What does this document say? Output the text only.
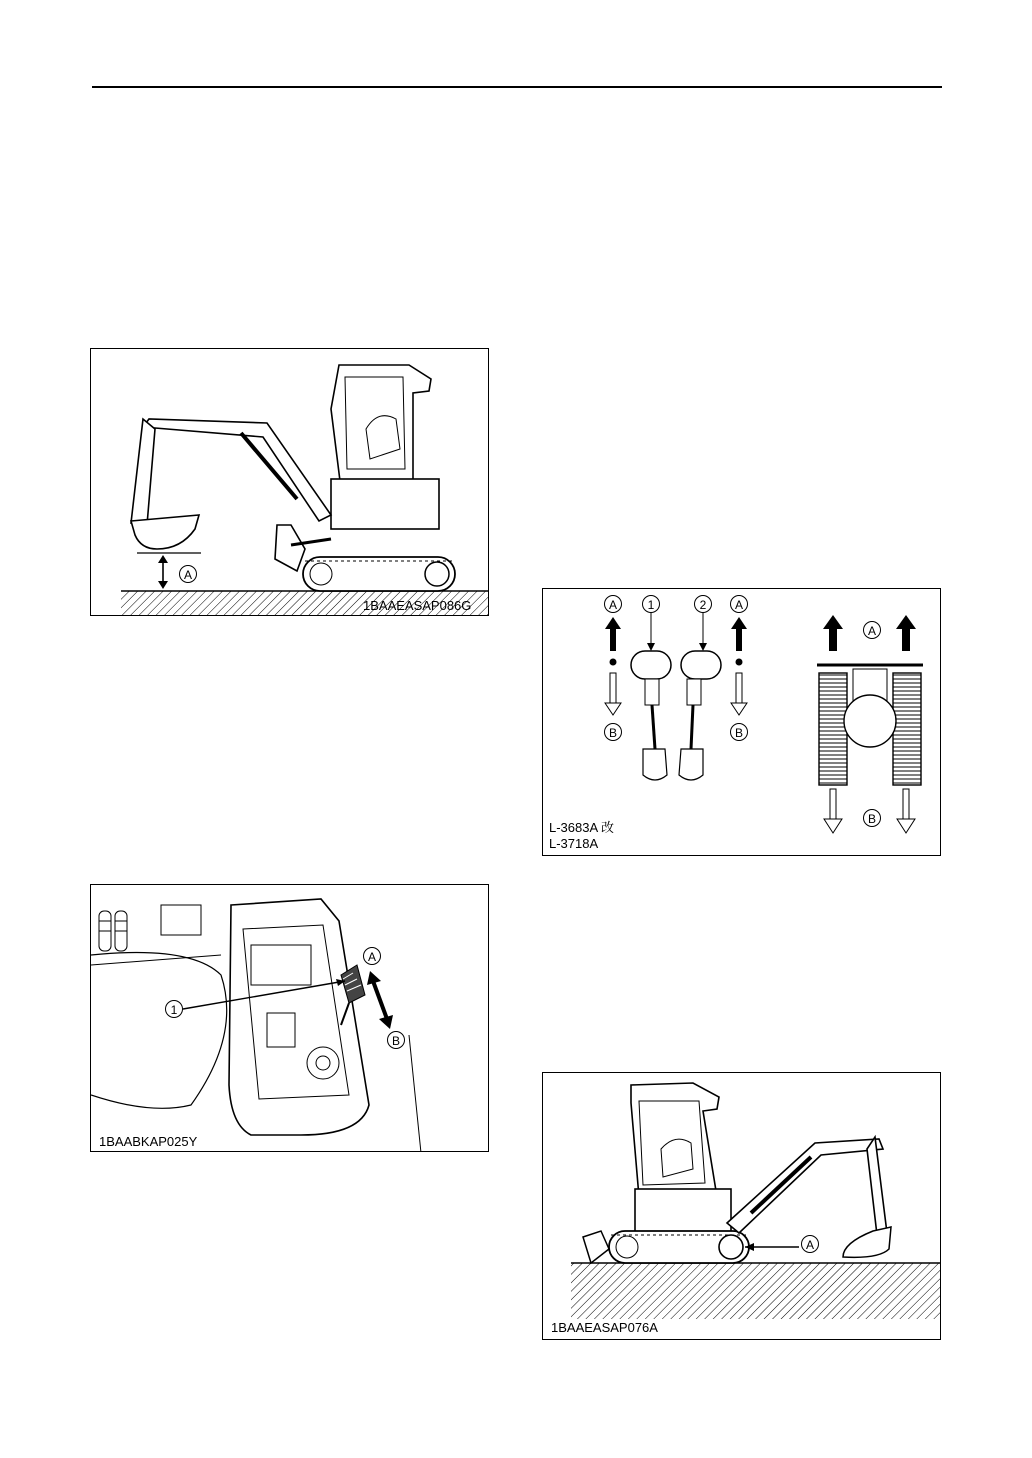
A
1BAAEASAP086G
1
A
B
1BAABKAP025Y
A	1	2	A
B	B
A
B
L-3683A 改
L-3718A
A
1BAAEASAP076A
